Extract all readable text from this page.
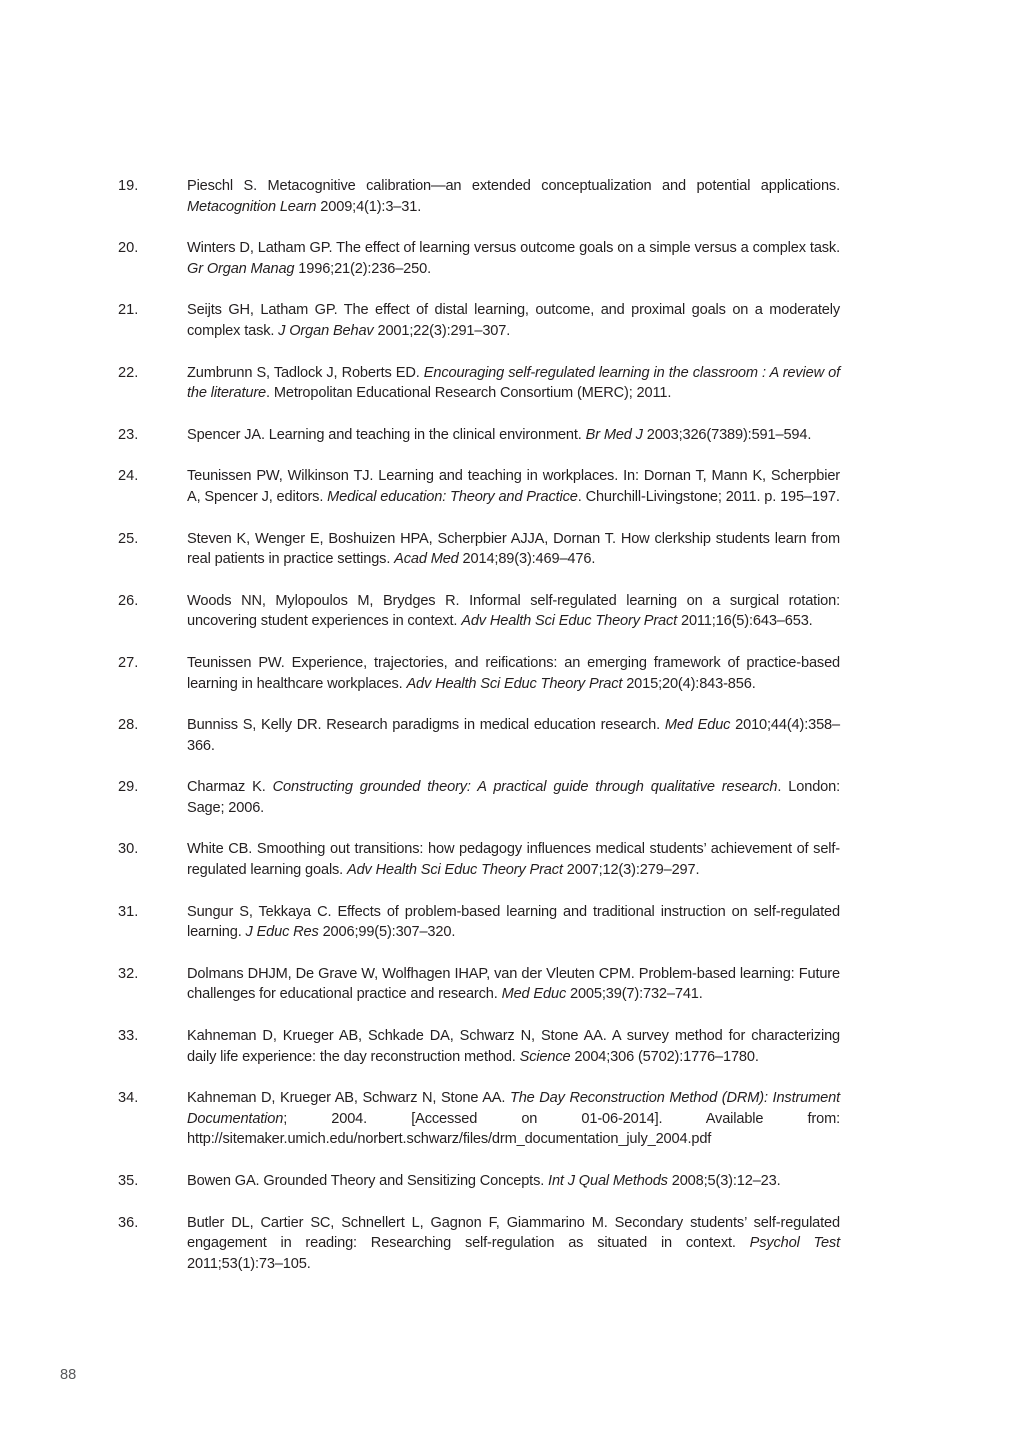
19.	Pieschl S. Metacognitive calibration—an extended conceptualization and potential applications. Metacognition Learn 2009;4(1):3–31.
20.	Winters D, Latham GP. The effect of learning versus outcome goals on a simple versus a complex task. Gr Organ Manag 1996;21(2):236–250.
21.	Seijts GH, Latham GP. The effect of distal learning, outcome, and proximal goals on a moderately complex task. J Organ Behav 2001;22(3):291–307.
22.	Zumbrunn S, Tadlock J, Roberts ED. Encouraging self-regulated learning in the classroom : A review of the literature. Metropolitan Educational Research Consortium (MERC); 2011.
23.	Spencer JA. Learning and teaching in the clinical environment. Br Med J 2003;326(7389):591–594.
24.	Teunissen PW, Wilkinson TJ. Learning and teaching in workplaces. In: Dornan T, Mann K, Scherpbier A, Spencer J, editors. Medical education: Theory and Practice. Churchill-Livingstone; 2011. p. 195–197.
25.	Steven K, Wenger E, Boshuizen HPA, Scherpbier AJJA, Dornan T. How clerkship students learn from real patients in practice settings. Acad Med 2014;89(3):469–476.
26.	Woods NN, Mylopoulos M, Brydges R. Informal self-regulated learning on a surgical rotation: uncovering student experiences in context. Adv Health Sci Educ Theory Pract 2011;16(5):643–653.
27.	Teunissen PW. Experience, trajectories, and reifications: an emerging framework of practice-based learning in healthcare workplaces. Adv Health Sci Educ Theory Pract 2015;20(4):843-856.
28.	Bunniss S, Kelly DR. Research paradigms in medical education research. Med Educ 2010;44(4):358–366.
29.	Charmaz K. Constructing grounded theory: A practical guide through qualitative research. London: Sage; 2006.
30.	White CB. Smoothing out transitions: how pedagogy influences medical students’ achievement of self-regulated learning goals. Adv Health Sci Educ Theory Pract 2007;12(3):279–297.
31.	Sungur S, Tekkaya C. Effects of problem-based learning and traditional instruction on self-regulated learning. J Educ Res 2006;99(5):307–320.
32.	Dolmans DHJM, De Grave W, Wolfhagen IHAP, van der Vleuten CPM. Problem-based learning: Future challenges for educational practice and research. Med Educ 2005;39(7):732–741.
33.	Kahneman D, Krueger AB, Schkade DA, Schwarz N, Stone AA. A survey method for characterizing daily life experience: the day reconstruction method. Science 2004;306 (5702):1776–1780.
34.	Kahneman D, Krueger AB, Schwarz N, Stone AA. The Day Reconstruction Method (DRM): Instrument Documentation; 2004. [Accessed on 01-06-2014]. Available from: http://sitemaker.umich.edu/norbert.schwarz/files/drm_documentation_july_2004.pdf
35.	Bowen GA. Grounded Theory and Sensitizing Concepts. Int J Qual Methods 2008;5(3):12–23.
36.	Butler DL, Cartier SC, Schnellert L, Gagnon F, Giammarino M. Secondary students’ self-regulated engagement in reading: Researching self-regulation as situated in context. Psychol Test 2011;53(1):73–105.
88
